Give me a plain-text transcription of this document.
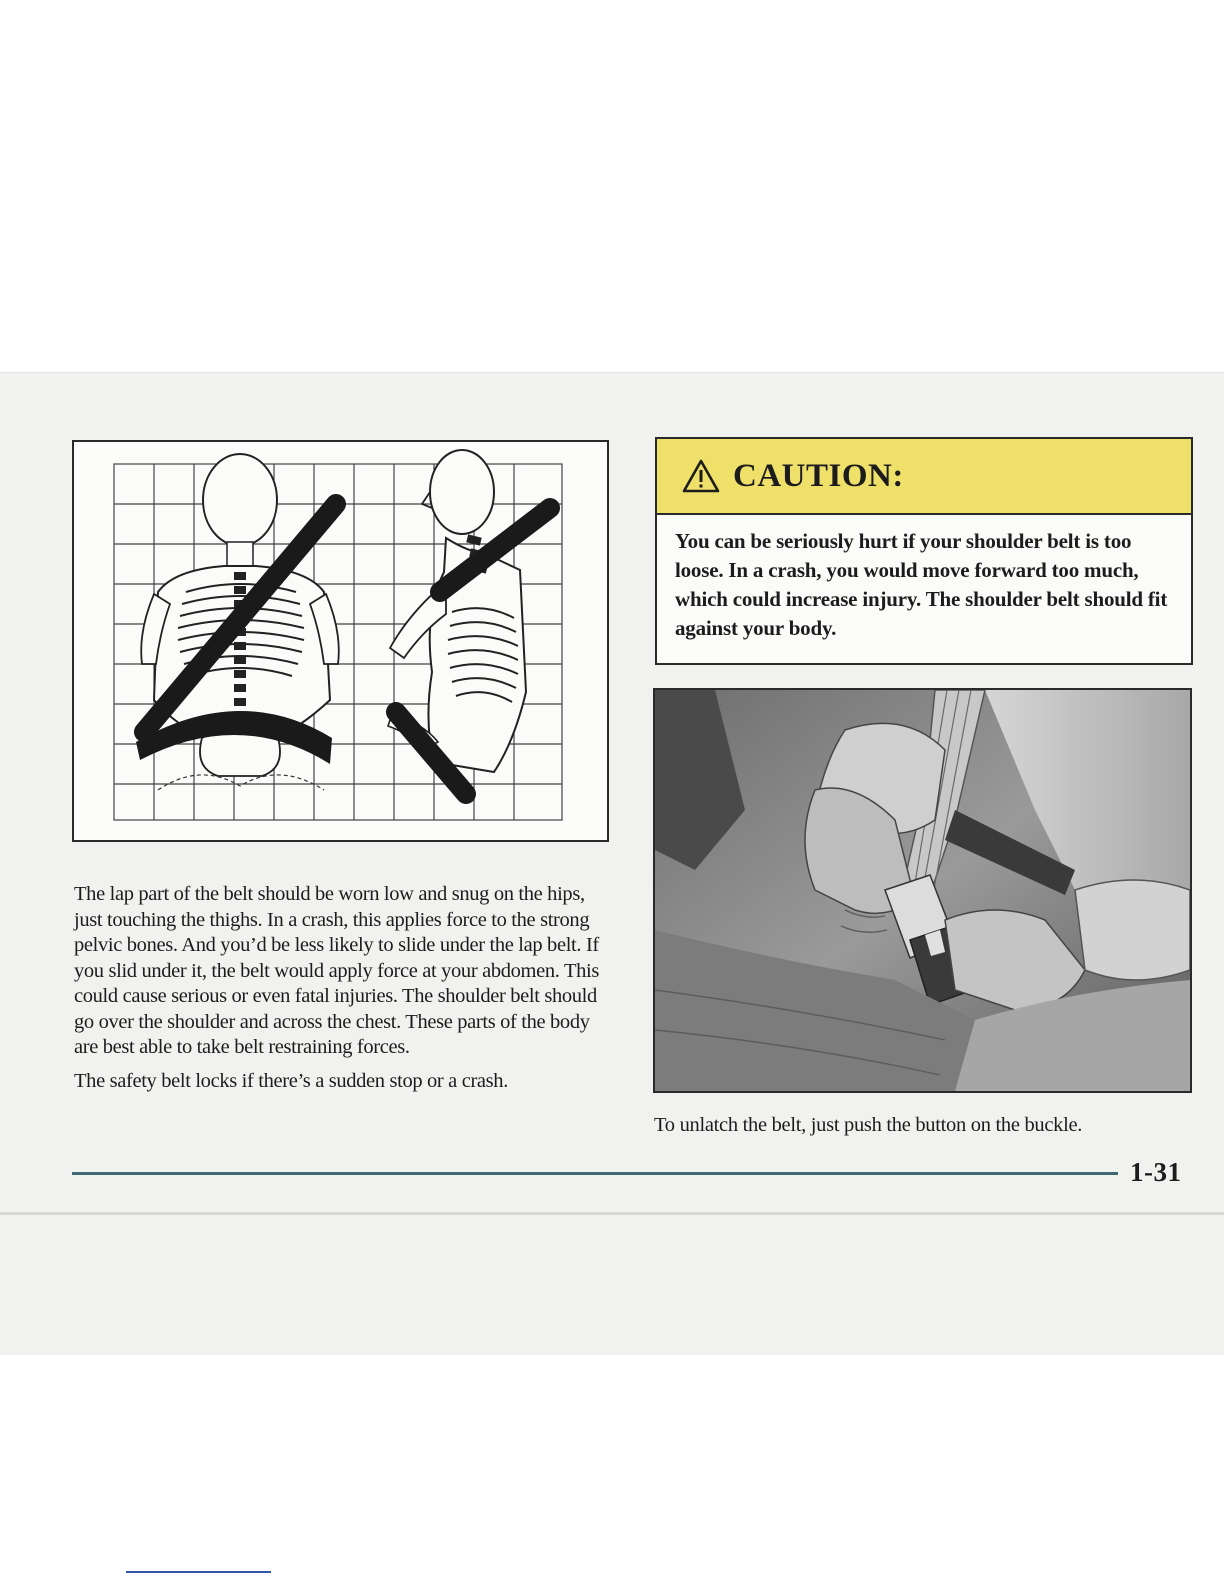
The lap part of the belt should be worn low and snug on the hips, just touching the thighs. In a crash, this applies force to the strong pelvic bones. And you’d be less likely to slide under the lap belt. If you slid under it, the belt would apply force at your abdomen. This could cause serious or even fatal injuries. The shoulder belt should go over the shoulder and across the chest. These parts of the body are best able to take belt restraining forces.

The safety belt locks if there’s a sudden stop or a crash.

CAUTION:
You can be seriously hurt if your shoulder belt is too loose. In a crash, you would move forward too much, which could increase injury. The shoulder belt should fit against your body.
To unlatch the belt, just push the button on the buckle.
1-31
